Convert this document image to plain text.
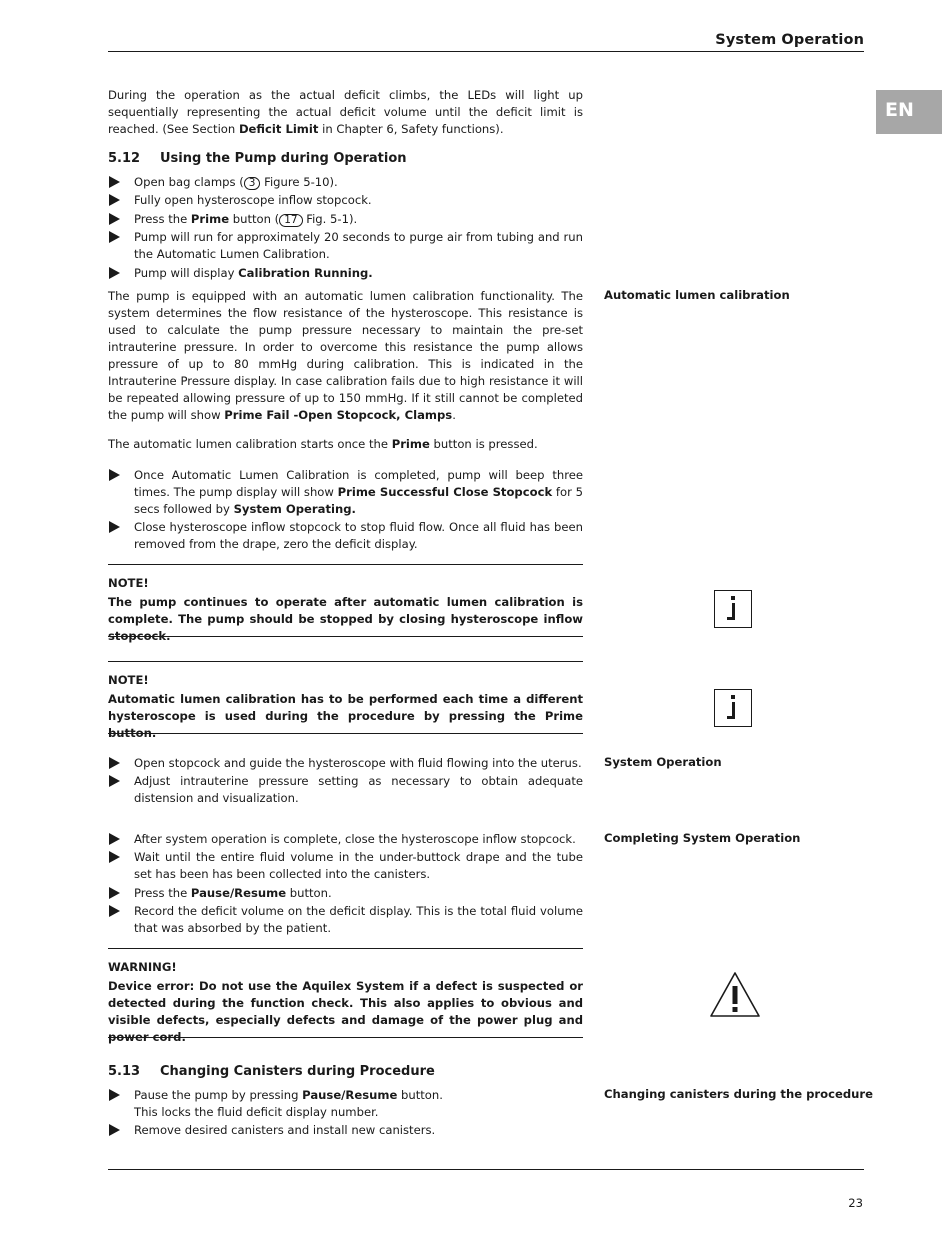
System Operation
EN
During the operation as the actual deficit climbs, the LEDs will light up sequentially representing the actual deficit volume until the deficit limit is reached. (See Section Deficit Limit in Chapter 6, Safety functions).
5.12 Using the Pump during Operation
Open bag clamps ( 3 Figure 5-10).
Fully open hysteroscope inflow stopcock.
Press the Prime button ( 17 Fig. 5-1).
Pump will run for approximately 20 seconds to purge air from tubing and run the Automatic Lumen Calibration.
Pump will display Calibration Running.
Automatic lumen calibration
The pump is equipped with an automatic lumen calibration functionality. The system determines the flow resistance of the hysteroscope. This resistance is used to calculate the pump pressure necessary to maintain the pre-set intrauterine pressure. In order to overcome this resistance the pump allows pressure of up to 80 mmHg during calibration. This is indicated in the Intrauterine Pressure display. In case calibration fails due to high resistance it will be repeated allowing pressure of up to 150 mmHg. If it still cannot be completed the pump will show Prime Fail -Open Stopcock, Clamps.
The automatic lumen calibration starts once the Prime button is pressed.
Once Automatic Lumen Calibration is completed, pump will beep three times. The pump display will show Prime Successful Close Stopcock for 5 secs followed by System Operating.
Close hysteroscope inflow stopcock to stop fluid flow. Once all fluid has been removed from the drape, zero the deficit display.
NOTE!
The pump continues to operate after automatic lumen calibration is complete. The pump should be stopped by closing hysteroscope inflow stopcock.
NOTE!
Automatic lumen calibration has to be performed each time a different hysteroscope is used during the procedure by pressing the Prime button.
System Operation
Open stopcock and guide the hysteroscope with fluid flowing into the uterus.
Adjust intrauterine pressure setting as necessary to obtain adequate distension and visualization.
Completing System Operation
After system operation is complete, close the hysteroscope inflow stopcock.
Wait until the entire fluid volume in the under-buttock drape and the tube set has been has been collected into the canisters.
Press the Pause/Resume button.
Record the deficit volume on the deficit display. This is the total fluid volume that was absorbed by the patient.
WARNING!
Device error: Do not use the Aquilex System if a defect is suspected or detected during the function check. This also applies to obvious and visible defects, especially defects and damage of the power plug and power cord.
5.13 Changing Canisters during Procedure
Changing canisters during the procedure
Pause the pump by pressing Pause/Resume button.
This locks the fluid deficit display number.
Remove desired canisters and install new canisters.
23
